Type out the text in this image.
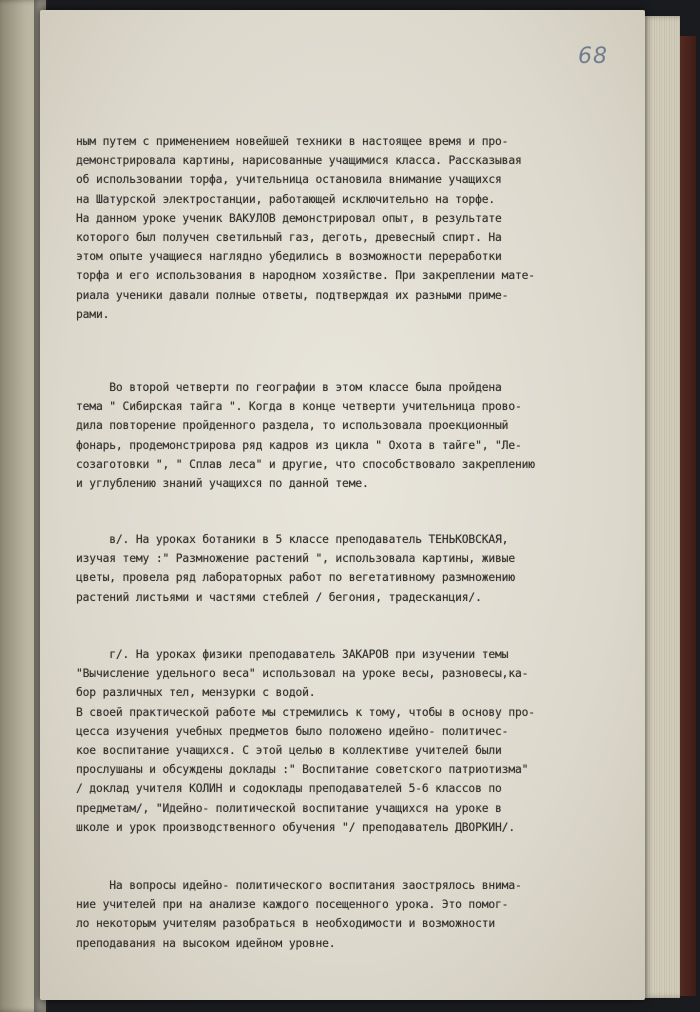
68

ным путем с применением новейшей техники в настоящее время и про-
демонстрировала картины, нарисованные учащимися класса. Рассказывая
об использовании торфа, учительница остановила внимание учащихся
на Шатурской электростанции, работающей исключительно на торфе.
На данном уроке ученик ВАКУЛОВ демонстрировал опыт, в результате
которого был получен светильный газ, деготь, древесный спирт. На
этом опыте учащиеся наглядно убедились в возможности переработки
торфа и его использования в народном хозяйстве. При закреплении мате-
риала ученики давали полные ответы, подтверждая их разными приме-
рами.

Во второй четверти по географии в этом классе была пройдена
тема " Сибирская тайга ". Когда в конце четверти учительница прово-
дила повторение пройденного раздела, то использовала проекционный
фонарь, продемонстрирова ряд кадров из цикла " Охота в тайге", "Ле-
созаготовки ", " Сплав леса" и другие, что способствовало закреплению
и углублению знаний учащихся по данной теме.

в/. На уроках ботаники в 5 классе преподаватель ТЕНЬКОВСКАЯ,
изучая тему :" Размножение растений ", использовала картины, живые
цветы, провела ряд лабораторных работ по вегетативному размножению
растений листьями и частями стеблей / бегония, традесканция/.

г/. На уроках физики преподаватель ЗАКАРОВ при изучении темы
"Вычисление удельного веса" использовал на уроке весы, разновесы,ка-
бор различных тел, мензурки с водой.
В своей практической работе мы стремились к тому, чтобы в основу про-
цесса изучения учебных предметов было положено идейно- политичес-
кое воспитание учащихся. С этой целью в коллективе учителей были
прослушаны и обсуждены доклады :" Воспитание советского патриотизма"
/ доклад учителя КОЛИН и содоклады преподавателей 5-6 классов по
предметам/, "Идейно- политической воспитание учащихся на уроке в
школе и урок производственного обучения "/ преподаватель ДВОРКИН/.

На вопросы идейно- политического воспитания заострялось внима-
ние учителей при на анализе каждого посещенного урока. Это помог-
ло некоторым учителям разобраться в необходимости и возможности
преподавания на высоком идейном уровне.
